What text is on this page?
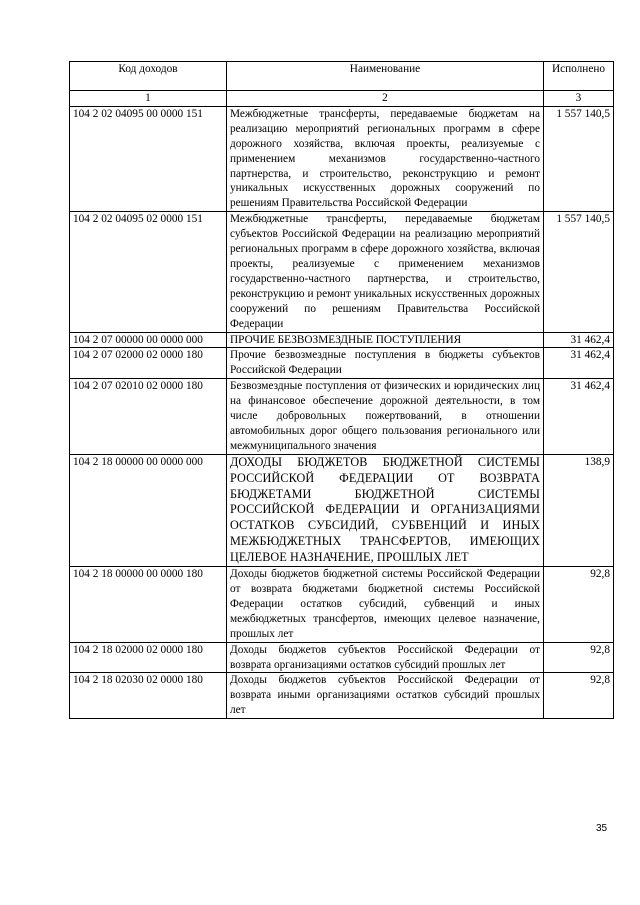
Код доходов	Наименование	Исполнено
1	2	3
104 2 02 04095 00 0000 151	Межбюджетные трансферты, передаваемые бюджетам на реализацию мероприятий региональных программ в сфере дорожного хозяйства, включая проекты, реализуемые с применением механизмов государственно-частного партнерства, и строительство, реконструкцию и ремонт уникальных искусственных дорожных сооружений по решениям Правительства Российской Федерации	1 557 140,5
104 2 02 04095 02 0000 151	Межбюджетные трансферты, передаваемые бюджетам субъектов Российской Федерации на реализацию мероприятий региональных программ в сфере дорожного хозяйства, включая проекты, реализуемые с применением механизмов государственно-частного партнерства, и строительство, реконструкцию и ремонт уникальных искусственных дорожных сооружений по решениям Правительства Российской Федерации	1 557 140,5
104 2 07 00000 00 0000 000	ПРОЧИЕ БЕЗВОЗМЕЗДНЫЕ ПОСТУПЛЕНИЯ	31 462,4
104 2 07 02000 02 0000 180	Прочие безвозмездные поступления в бюджеты субъектов Российской Федерации	31 462,4
104 2 07 02010 02 0000 180	Безвозмездные поступления от физических и юридических лиц на финансовое обеспечение дорожной деятельности, в том числе добровольных пожертвований, в отношении автомобильных дорог общего пользования регионального или межмуниципального значения	31 462,4
104 2 18 00000 00 0000 000	ДОХОДЫ БЮДЖЕТОВ БЮДЖЕТНОЙ СИСТЕМЫ РОССИЙСКОЙ ФЕДЕРАЦИИ ОТ ВОЗВРАТА БЮДЖЕТАМИ БЮДЖЕТНОЙ СИСТЕМЫ РОССИЙСКОЙ ФЕДЕРАЦИИ И ОРГАНИЗАЦИЯМИ ОСТАТКОВ СУБСИДИЙ, СУБВЕНЦИЙ И ИНЫХ МЕЖБЮДЖЕТНЫХ ТРАНСФЕРТОВ, ИМЕЮЩИХ ЦЕЛЕВОЕ НАЗНАЧЕНИЕ, ПРОШЛЫХ ЛЕТ	138,9
104 2 18 00000 00 0000 180	Доходы бюджетов бюджетной системы Российской Федерации от возврата бюджетами бюджетной системы Российской Федерации остатков субсидий, субвенций и иных межбюджетных трансфертов, имеющих целевое назначение, прошлых лет	92,8
104 2 18 02000 02 0000 180	Доходы бюджетов субъектов Российской Федерации от возврата организациями остатков субсидий прошлых лет	92,8
104 2 18 02030 02 0000 180	Доходы бюджетов субъектов Российской Федерации от возврата иными организациями остатков субсидий прошлых лет	92,8
35
